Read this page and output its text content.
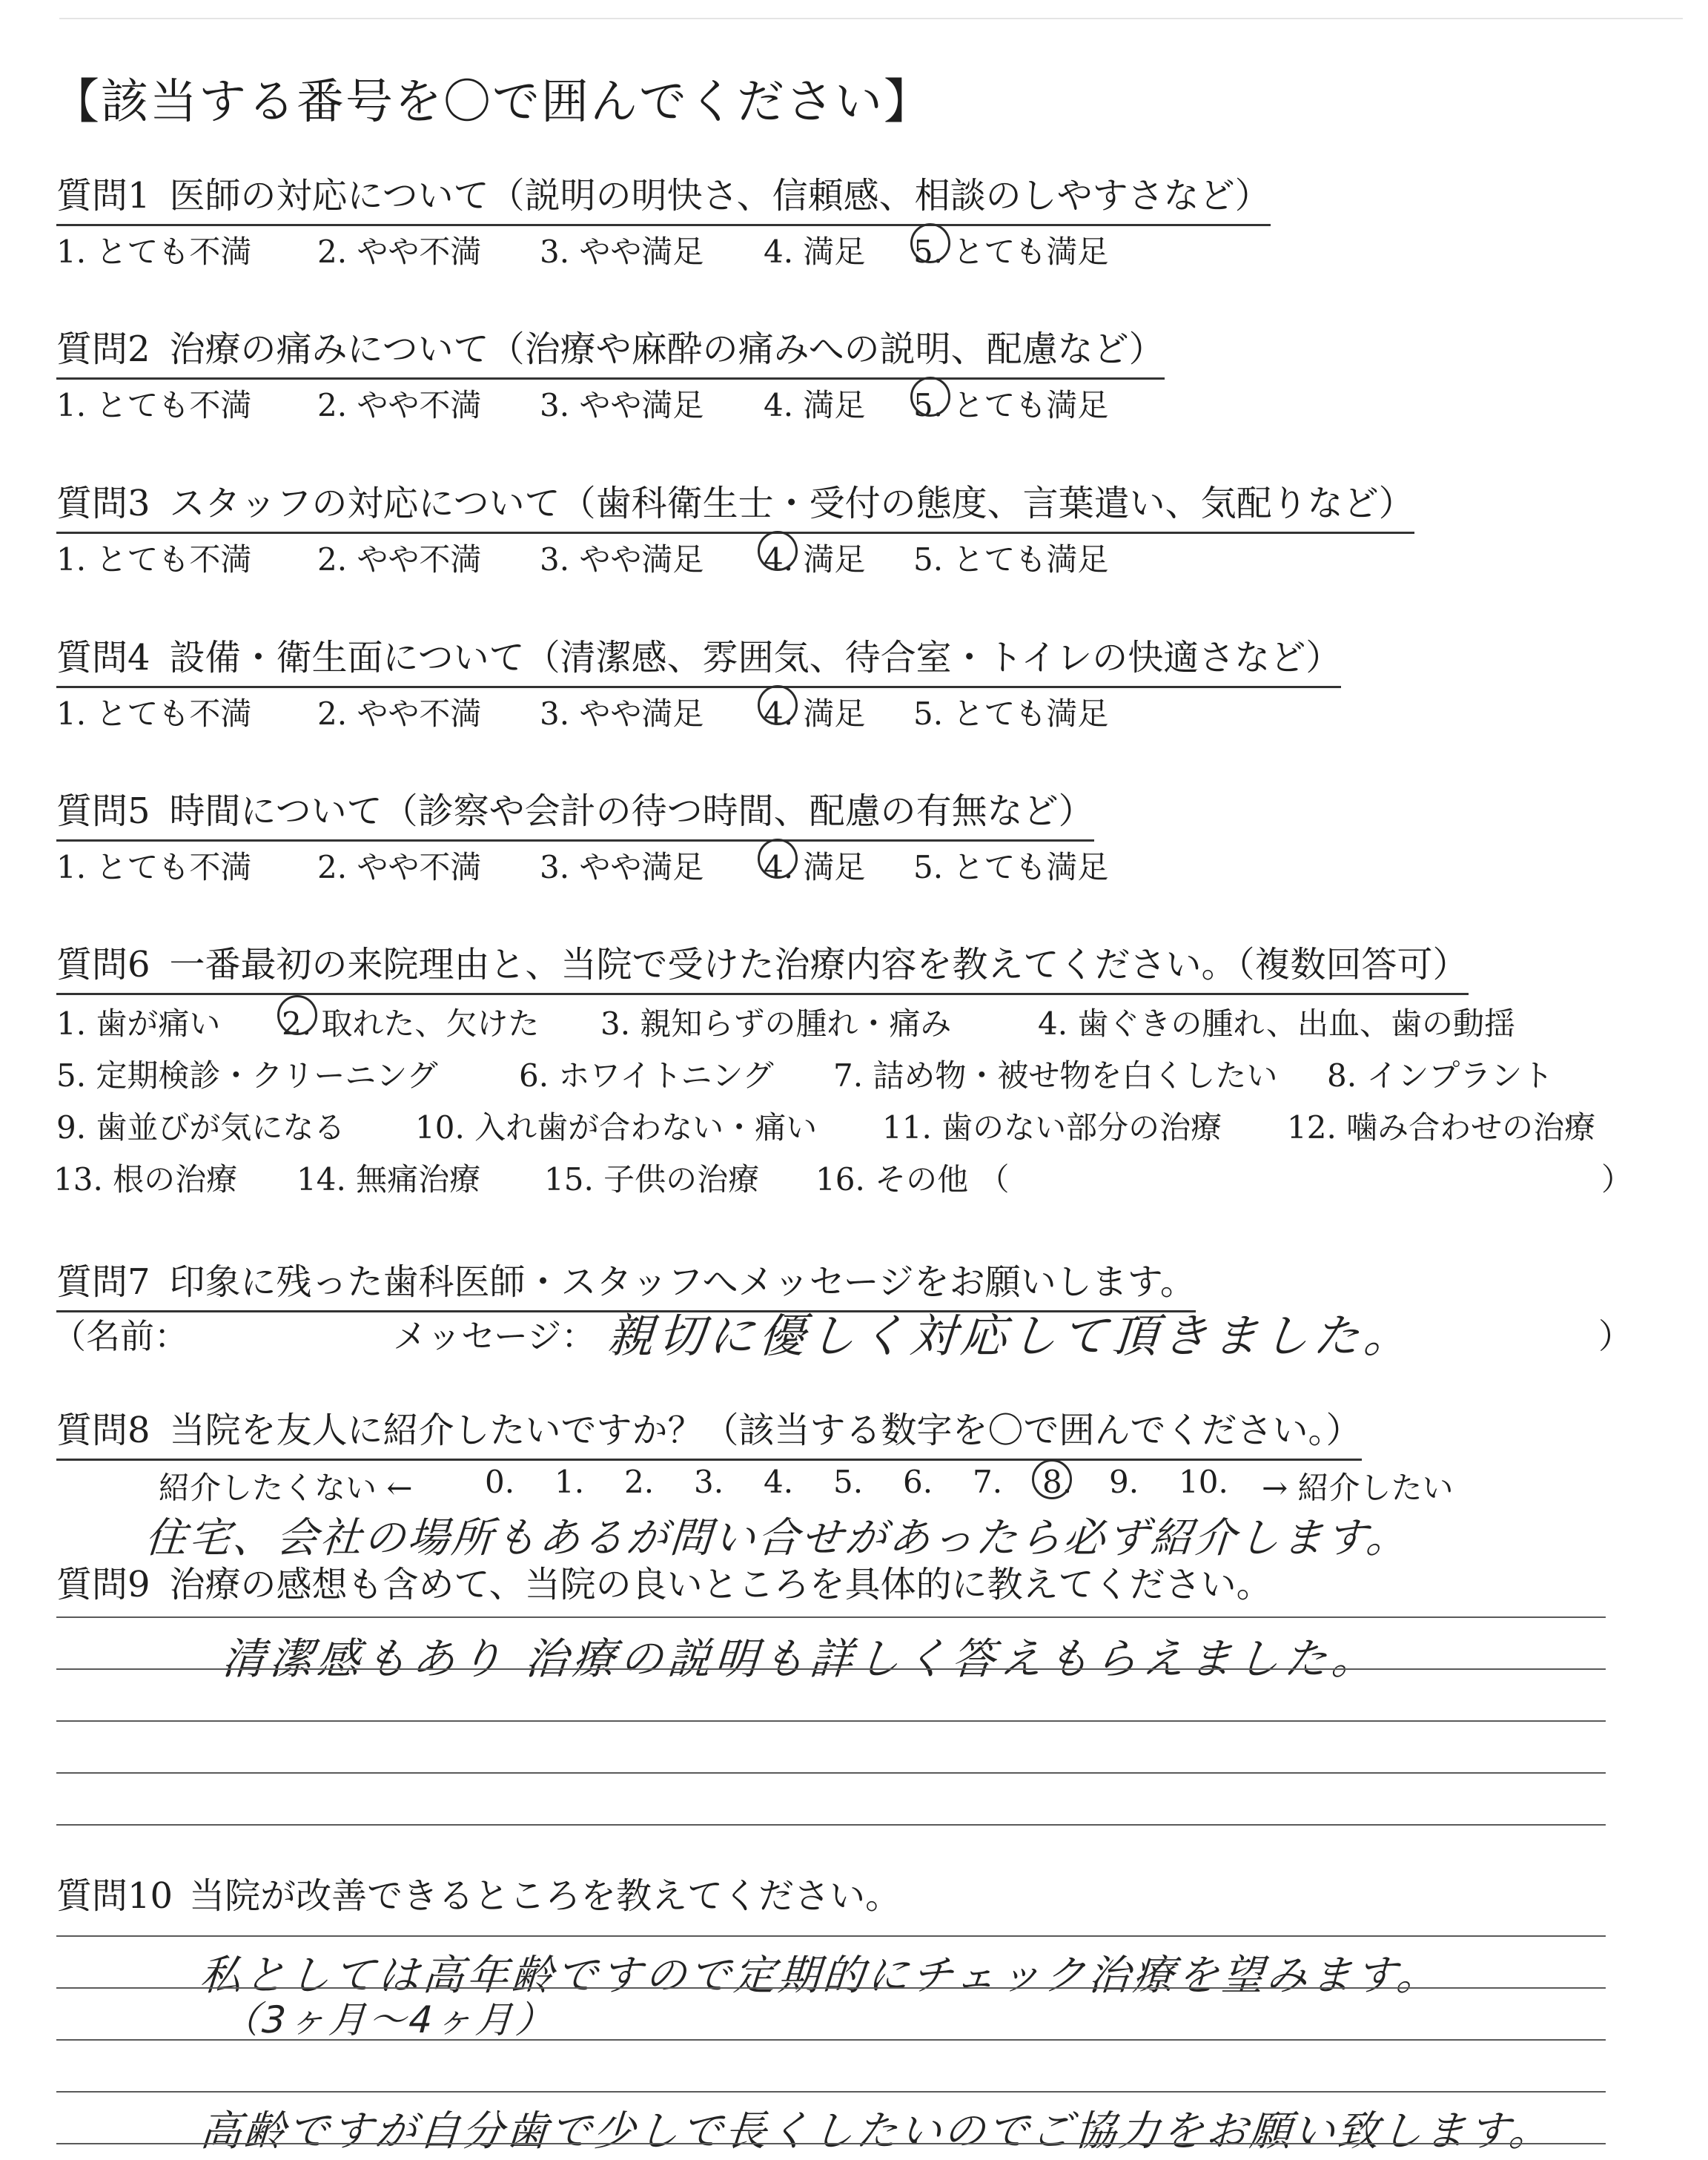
【該当する番号を〇で囲んでください】
質問1 医師の対応について（説明の明快さ、信頼感、相談のしやすさなど）
1. とても不満 2. やや不満 3. やや満足 4. 満足 5. とても満足
質問2 治療の痛みについて（治療や麻酔の痛みへの説明、配慮など）
1. とても不満 2. やや不満 3. やや満足 4. 満足 5. とても満足
質問3 スタッフの対応について（歯科衛生士・受付の態度、言葉遣い、気配りなど）
1. とても不満 2. やや不満 3. やや満足 4. 満足 5. とても満足
質問4 設備・衛生面について（清潔感、雰囲気、待合室・トイレの快適さなど）
1. とても不満 2. やや不満 3. やや満足 4. 満足 5. とても満足
質問5 時間について（診察や会計の待つ時間、配慮の有無など）
1. とても不満 2. やや不満 3. やや満足 4. 満足 5. とても満足
質問6 一番最初の来院理由と、当院で受けた治療内容を教えてください。（複数回答可）
1. 歯が痛い 2. 取れた、欠けた 3. 親知らずの腫れ・痛み	4. 歯ぐきの腫れ、出血、歯の動揺
5. 定期検診・クリーニング	6. ホワイトニング 7. 詰め物・被せ物を白くしたい 8. インプラント
9. 歯並びが気になる 10. 入れ歯が合わない・痛い 11. 歯のない部分の治療 12. 噛み合わせの治療
13. 根の治療 14. 無痛治療 15. 子供の治療 16. その他 （	）
質問7 印象に残った歯科医師・スタッフへメッセージをお願いします。
（名前：	メッセージ： 親切に優しく対応して頂きました。	）
質問8 当院を友人に紹介したいですか？（該当する数字を〇で囲んでください。）
紹介したくない ← 0. 1. 2. 3. 4. 5. 6. 7. 8. 9. 10. → 紹介したい
住宅、会社の場所もあるが問い合せがあったら必ず紹介します。
質問9 治療の感想も含めて、当院の良いところを具体的に教えてください。
清潔感もあり 治療の説明も詳しく答えもらえました。
質問10 当院が改善できるところを教えてください。
私としては高年齢ですので定期的にチェック治療を望みます。
（3ヶ月〜4ヶ月）
高齢ですが自分歯で少しで長くしたいのでご協力をお願い致します。
